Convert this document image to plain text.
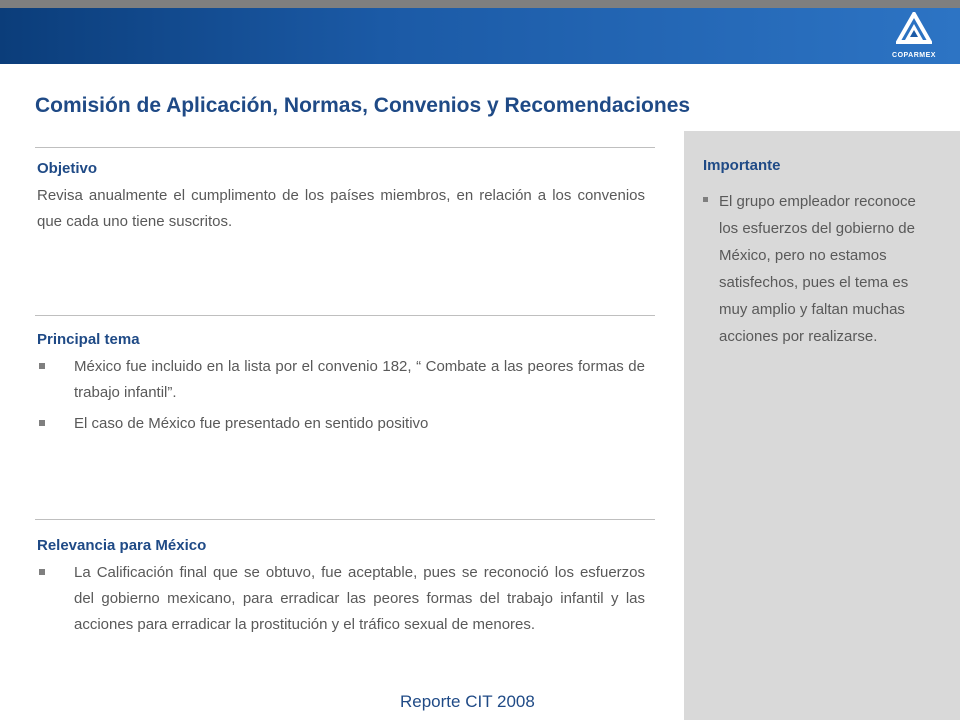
COPARMEX
Comisión de Aplicación, Normas, Convenios y Recomendaciones

Objetivo

Revisa anualmente el cumplimento de los países miembros, en relación a los convenios que cada uno tiene suscritos.

Principal tema

México fue incluido en la lista por el convenio 182, “ Combate a las peores formas de trabajo infantil”.
El caso de México fue presentado en sentido positivo

Relevancia para México

La Calificación final que se obtuvo, fue aceptable, pues se reconoció los esfuerzos del gobierno mexicano, para erradicar las peores formas del trabajo infantil y las acciones para erradicar la prostitución y el tráfico sexual de menores.

Importante

El grupo empleador reconoce los esfuerzos del gobierno de México, pero no estamos satisfechos, pues el tema es muy amplio y faltan muchas acciones por realizarse.
Reporte CIT 2008
